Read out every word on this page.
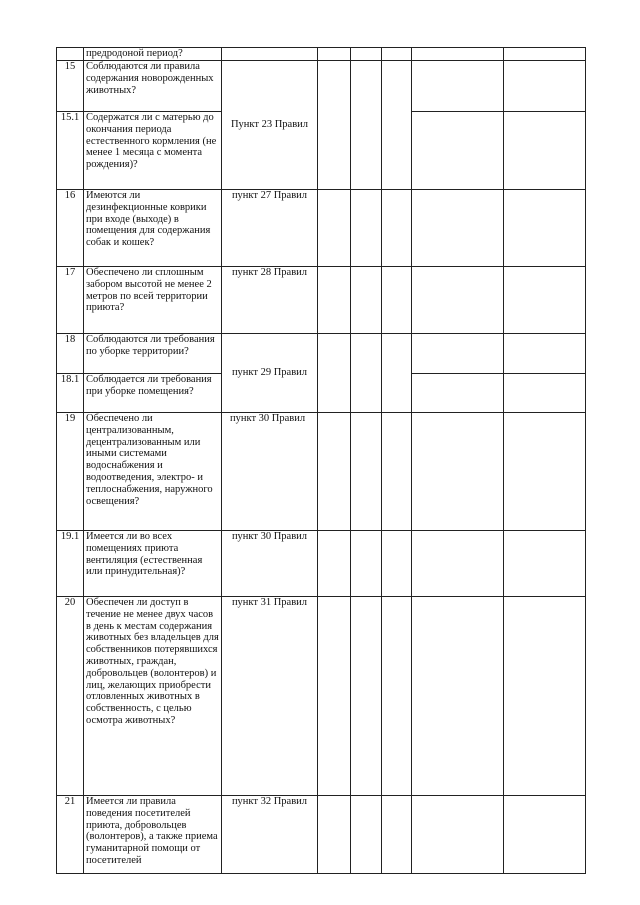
	предродоной период?						
15	Соблюдаются ли правила содержания новорожденных животных?	Пункт 23 Правил					

15.1	Содержатся ли с матерью до окончания периода естественного кормления (не менее 1 месяца с момента рождения)?						
16	Имеются ли дезинфекционные коврики при входе (выходе) в помещения для содержания собак и кошек?	пункт 27 Правил					

17	Обеспечено ли сплошным забором высотой не менее 2 метров по всей территории приюта?	пункт 28 Правил					

18	Соблюдаются ли требования по уборке территории?	пункт 29 Правил					

18.1	Соблюдается ли требования при уборке помещения?						
19	Обеспечено ли централизованным, децентрализованным или иными системами водоснабжения и водоотведения, электро- и теплоснабжения, наружного освещения?	пункт 30 Правил					

19.1	Имеется ли во всех помещениях приюта вентиляция (естественная или принудительная)?	пункт 30 Правил					

20	Обеспечен ли доступ в течение не менее двух часов в день к местам содержания животных без владельцев для собственников потерявшихся животных, граждан, добровольцев (волонтеров) и лиц, желающих приобрести отловленных животных в собственность, с целью осмотра животных?	пункт 31 Правил					

21	Имеется ли правила поведения посетителей приюта, добровольцев (волонтеров), а также приема гуманитарной помощи от посетителей	пункт 32 Правил					
